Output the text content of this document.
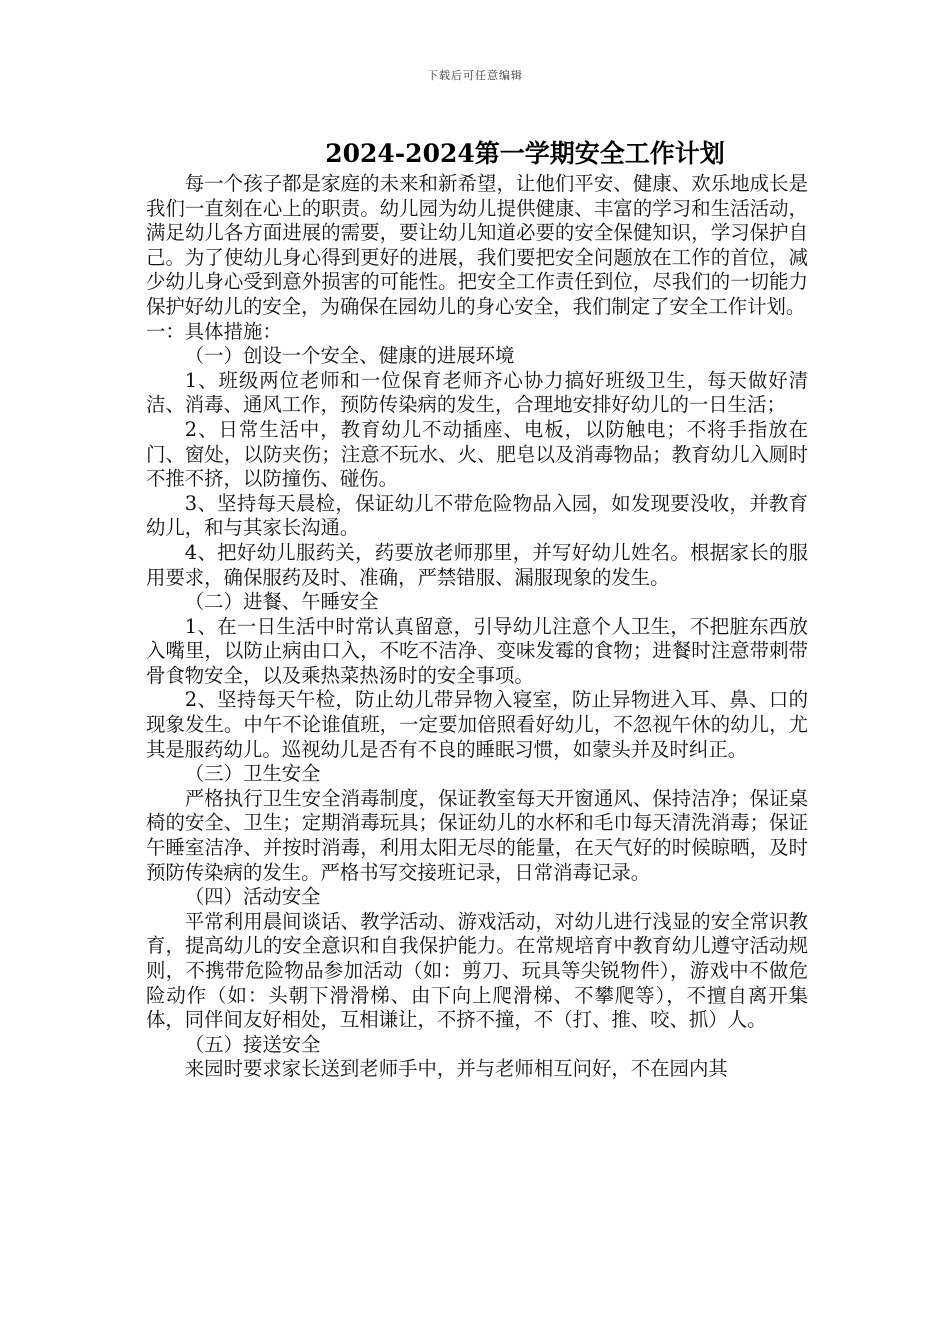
下载后可任意编辑
2024-2024第一学期安全工作计划

每一个孩子都是家庭的未来和新希望，让他们平安、健康、欢乐地成长是我们一直刻在心上的职责。幼儿园为幼儿提供健康、丰富的学习和生活活动，满足幼儿各方面进展的需要，要让幼儿知道必要的安全保健知识，学习保护自己。为了使幼儿身心得到更好的进展，我们要把安全问题放在工作的首位，减少幼儿身心受到意外损害的可能性。把安全工作责任到位，尽我们的一切能力保护好幼儿的安全，为确保在园幼儿的身心安全，我们制定了安全工作计划。

一：具体措施：

（一）创设一个安全、健康的进展环境

1、班级两位老师和一位保育老师齐心协力搞好班级卫生，每天做好清洁、消毒、通风工作，预防传染病的发生，合理地安排好幼儿的一日生活；

2、日常生活中，教育幼儿不动插座、电板，以防触电；不将手指放在门、窗处，以防夹伤；注意不玩水、火、肥皂以及消毒物品；教育幼儿入厕时不推不挤，以防撞伤、碰伤。

3、坚持每天晨检，保证幼儿不带危险物品入园，如发现要没收，并教育幼儿，和与其家长沟通。

4、把好幼儿服药关，药要放老师那里，并写好幼儿姓名。根据家长的服用要求，确保服药及时、准确，严禁错服、漏服现象的发生。

（二）进餐、午睡安全

1、在一日生活中时常认真留意，引导幼儿注意个人卫生，不把脏东西放入嘴里，以防止病由口入，不吃不洁净、变味发霉的食物；进餐时注意带刺带骨食物安全，以及乘热菜热汤时的安全事项。

2、坚持每天午检，防止幼儿带异物入寝室，防止异物进入耳、鼻、口的现象发生。中午不论谁值班，一定要加倍照看好幼儿，不忽视午休的幼儿，尤其是服药幼儿。巡视幼儿是否有不良的睡眠习惯，如蒙头并及时纠正。

（三）卫生安全

严格执行卫生安全消毒制度，保证教室每天开窗通风、保持洁净；保证桌椅的安全、卫生；定期消毒玩具；保证幼儿的水杯和毛巾每天清洗消毒；保证午睡室洁净、并按时消毒，利用太阳无尽的能量，在天气好的时候晾晒，及时预防传染病的发生。严格书写交接班记录，日常消毒记录。

（四）活动安全

平常利用晨间谈话、教学活动、游戏活动，对幼儿进行浅显的安全常识教育，提高幼儿的安全意识和自我保护能力。在常规培育中教育幼儿遵守活动规则，不携带危险物品参加活动（如：剪刀、玩具等尖锐物件），游戏中不做危险动作（如：头朝下滑滑梯、由下向上爬滑梯、不攀爬等），不擅自离开集体，同伴间友好相处，互相谦让，不挤不撞，不（打、推、咬、抓）人。

（五）接送安全

来园时要求家长送到老师手中，并与老师相互问好，不在园内其
